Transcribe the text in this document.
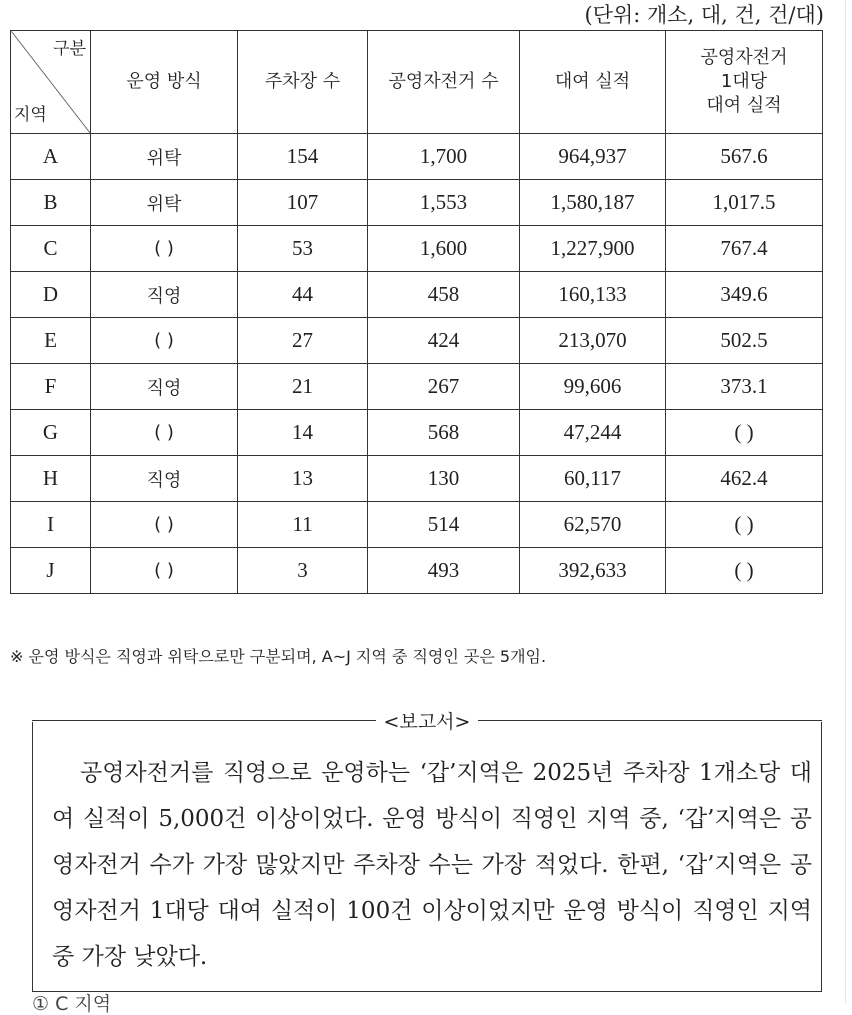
(단위: 개소, 대, 건, 건/대)
구분
지역	운영 방식	주차장 수	공영자전거 수	대여 실적	공영자전거
1대당
대여 실적
A	위탁	154	1,700	964,937	567.6
B	위탁	107	1,553	1,580,187	1,017.5
C	( )	53	1,600	1,227,900	767.4
D	직영	44	458	160,133	349.6
E	( )	27	424	213,070	502.5
F	직영	21	267	99,606	373.1
G	( )	14	568	47,244	( )
H	직영	13	130	60,117	462.4
I	( )	11	514	62,570	( )
J	( )	3	493	392,633	( )
※ 운영 방식은 직영과 위탁으로만 구분되며, A~J 지역 중 직영인 곳은 5개임.
<보고서>

공영자전거를 직영으로 운영하는 ‘갑’지역은 2025년 주차장 1개소당 대여 실적이 5,000건 이상이었다. 운영 방식이 직영인 지역 중, ‘갑’지역은 공영자전거 수가 가장 많았지만 주차장 수는 가장 적었다. 한편, ‘갑’지역은 공영자전거 1대당 대여 실적이 100건 이상이었지만 운영 방식이 직영인 지역 중 가장 낮았다.

① C 지역
